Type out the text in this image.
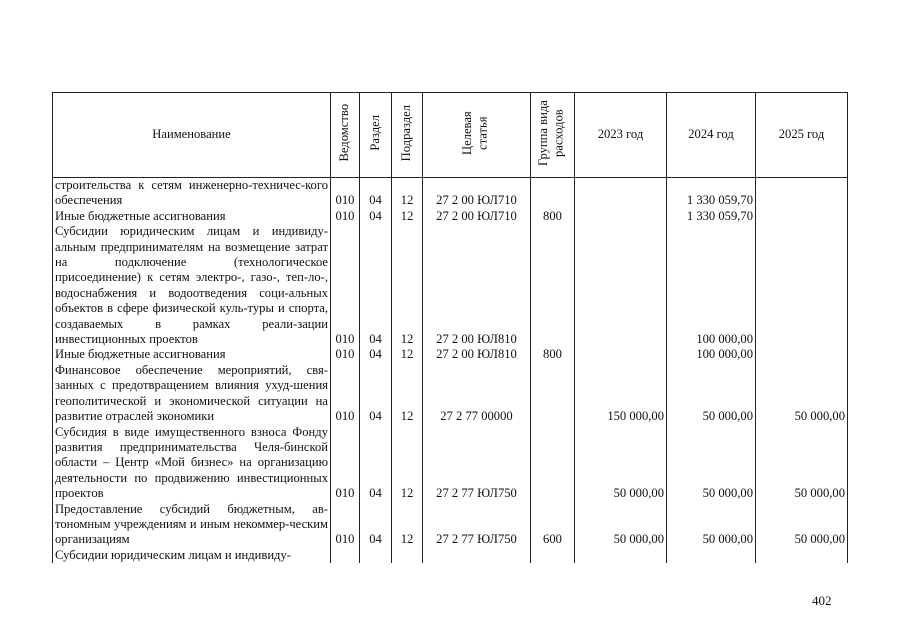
Наименование	Ведомство	Раздел	Подраздел	Целевая статья	Группа вида расходов	2023 год	2024 год	2025 год
строительства к сетям инженерно-техничес-кого обеспечения	010	04	12	27 2 00 ЮЛ710			1 330 059,70	
Иные бюджетные ассигнования	010	04	12	27 2 00 ЮЛ710	800		1 330 059,70	
Субсидии юридическим лицам и индивиду-альным предпринимателям на возмещение затрат на подключение (технологическое присоединение) к сетям электро-, газо-, теп-ло-, водоснабжения и водоотведения соци-альных объектов в сфере физической куль-туры и спорта, создаваемых в рамках реали-зации инвестиционных проектов	010	04	12	27 2 00 ЮЛ810			100 000,00	
Иные бюджетные ассигнования	010	04	12	27 2 00 ЮЛ810	800		100 000,00	
Финансовое обеспечение мероприятий, свя-занных с предотвращением влияния ухуд-шения геополитической и экономической ситуации на развитие отраслей экономики	010	04	12	27 2 77 00000		150 000,00	50 000,00	50 000,00
Субсидия в виде имущественного взноса Фонду развития предпринимательства Челя-бинской области – Центр «Мой бизнес» на организацию деятельности по продвижению инвестиционных проектов	010	04	12	27 2 77 ЮЛ750		50 000,00	50 000,00	50 000,00
Предоставление субсидий бюджетным, ав-тономным учреждениям и иным некоммер-ческим организациям	010	04	12	27 2 77 ЮЛ750	600	50 000,00	50 000,00	50 000,00
Субсидии юридическим лицам и индивиду-								
402
